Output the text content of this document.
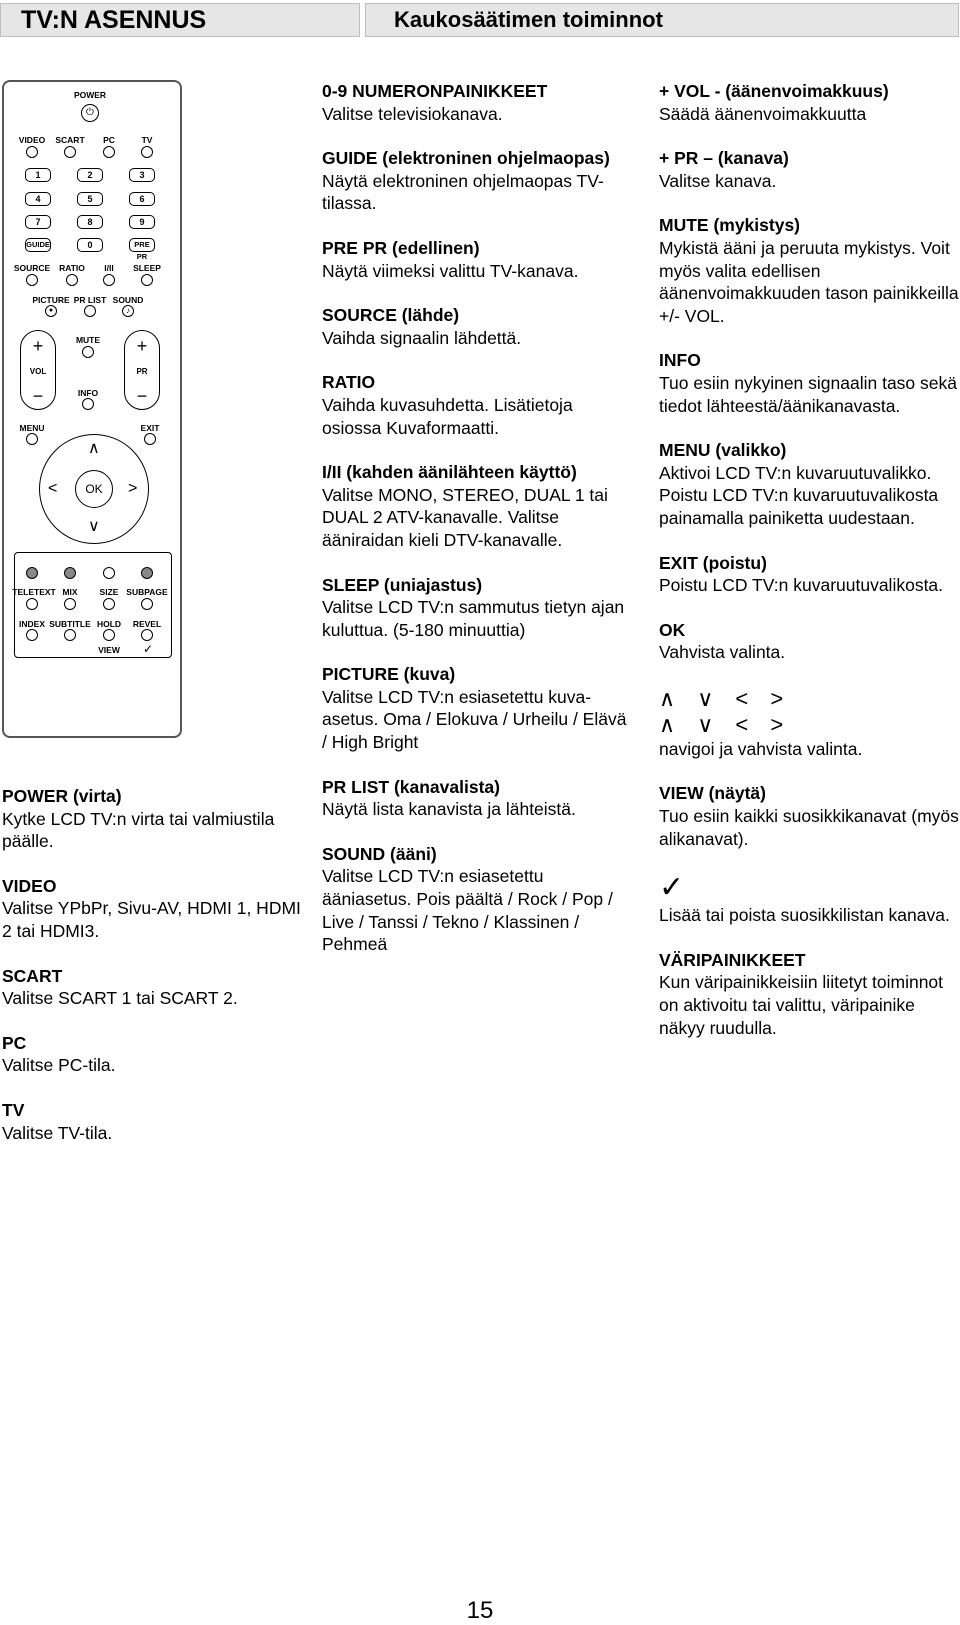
TV:N ASENNUS	Kaukosäätimen toiminnot
POWER
⏻
VIDEO SCART PC	TV
1	2	3
4	5	6
7	8	9
GUIDE	0	PRE PR
SOURCE RATIO I/II SLEEP
PICTURE PR LIST SOUND
●	♪
+
VOL
−
+
PR
−
MUTE
INFO
MENU	EXIT
OK
∧
∨
<	>
TELETEXT MIX	SIZE SUBPAGE
INDEX SUBTITLE HOLD REVEL
VIEW ✓

POWER (virta)
Kytke LCD TV:n virta tai valmiustila päälle.

VIDEO
Valitse YPbPr, Sivu-AV, HDMI 1, HDMI 2 tai HDMI3.

SCART
Valitse SCART 1 tai SCART 2.

PC
Valitse PC-tila.

TV
Valitse TV-tila.

0-9 NUMERONPAINIKKEET
Valitse televisiokanava.

GUIDE (elektroninen ohjelmaopas)
Näytä elektroninen ohjelmaopas TV-tilassa.

PRE PR (edellinen)
Näytä viimeksi valittu TV-kanava.

SOURCE (lähde)
Vaihda signaalin lähdettä.

RATIO
Vaihda kuvasuhdetta. Lisätietoja osiossa Kuvaformaatti.

I/II (kahden äänilähteen käyttö)
Valitse MONO, STEREO, DUAL 1 tai DUAL 2 ATV-kanavalle. Valitse ääniraidan kieli DTV-kanavalle.

SLEEP (uniajastus)
Valitse LCD TV:n sammutus tietyn ajan kuluttua. (5-180 minuuttia)

PICTURE (kuva)
Valitse LCD TV:n esiasetettu kuva-asetus. Oma / Elokuva / Urheilu / Elävä / High Bright

PR LIST (kanavalista)
Näytä lista kanavista ja lähteistä.

SOUND (ääni)
Valitse LCD TV:n esiasetettu ääniasetus. Pois päältä / Rock / Pop / Live / Tanssi / Tekno / Klassinen / Pehmeä

+ VOL - (äänenvoimakkuus)
Säädä äänenvoimakkuutta

+ PR – (kanava)
Valitse kanava.

MUTE (mykistys)
Mykistä ääni ja peruuta mykistys. Voit myös valita edellisen äänenvoimakkuuden tason painikkeilla +/- VOL.

INFO
Tuo esiin nykyinen signaalin taso sekä tiedot lähteestä/äänikanavasta.

MENU (valikko)
Aktivoi LCD TV:n kuvaruutuvalikko. Poistu LCD TV:n kuvaruutuvalikosta painamalla painiketta uudestaan.

EXIT (poistu)
Poistu LCD TV:n kuvaruutuvalikosta.

OK
Vahvista valinta.

∧ ∨ < >
∧ ∨ < >
navigoi ja vahvista valinta.

VIEW (näytä)
Tuo esiin kaikki suosikkikanavat (myös alikanavat).

✓
Lisää tai poista suosikkilistan kanava.

VÄRIPAINIKKEET
Kun väripainikkeisiin liitetyt toiminnot on aktivoitu tai valittu, väripainike näkyy ruudulla.

15
